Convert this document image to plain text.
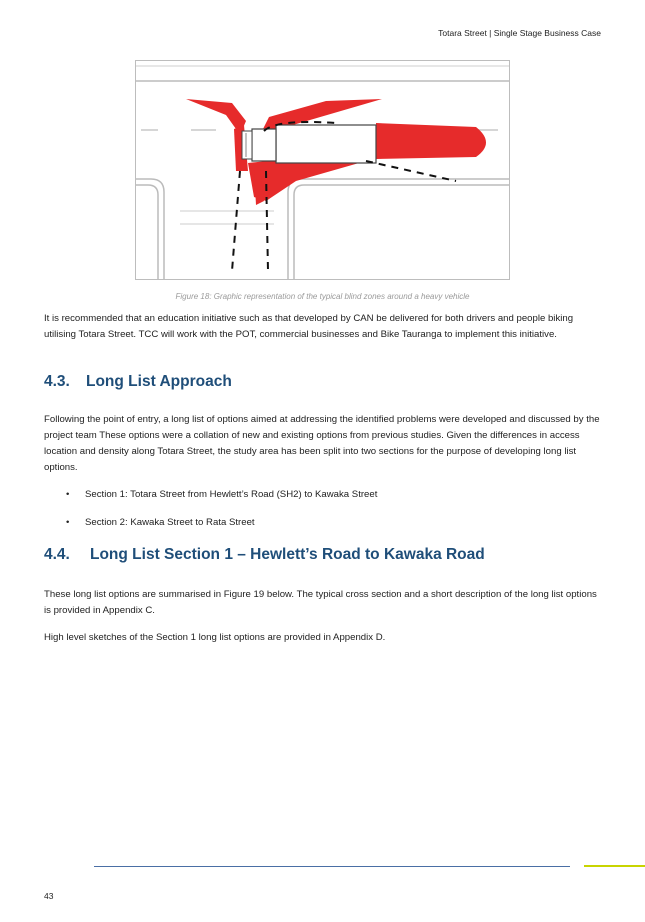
Totara Street | Single Stage Business Case
Figure 18: Graphic representation of the typical blind zones around a heavy vehicle
It is recommended that an education initiative such as that developed by CAN be delivered for both drivers and people biking utilising Totara Street. TCC will work with the POT, commercial businesses and Bike Tauranga to implement this initiative.
4.3. Long List Approach
Following the point of entry, a long list of options aimed at addressing the identified problems were developed and discussed by the project team These options were a collation of new and existing options from previous studies. Given the differences in access location and density along Totara Street, the study area has been split into two sections for the purpose of developing long list options.
• Section 1: Totara Street from Hewlett’s Road (SH2) to Kawaka Street
• Section 2: Kawaka Street to Rata Street
4.4. Long List Section 1 – Hewlett’s Road to Kawaka Road
These long list options are summarised in Figure 19 below. The typical cross section and a short description of the long list options is provided in Appendix C.
High level sketches of the Section 1 long list options are provided in Appendix D.
43
